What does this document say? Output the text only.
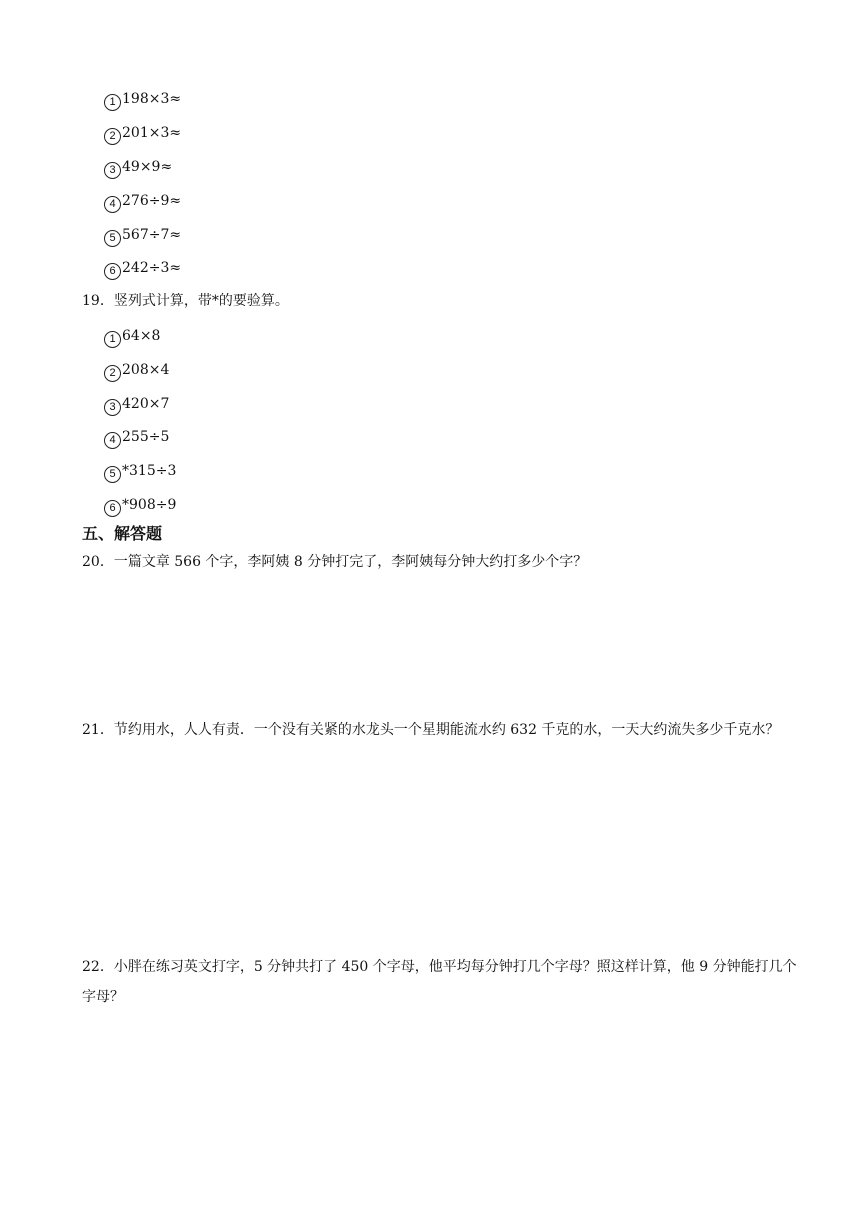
1 198×3≈
2 201×3≈
3 49×9≈
4 276÷9≈
5 567÷7≈
6 242÷3≈
19．竖列式计算，带*的要验算。
1 64×8
2 208×4
3 420×7
4 255÷5
5 *315÷3
6 *908÷9
五、解答题
20．一篇文章 566 个字，李阿姨 8 分钟打完了，李阿姨每分钟大约打多少个字？
21．节约用水，人人有责．一个没有关紧的水龙头一个星期能流水约 632 千克的水，一天大约流失多少千克水？
22．小胖在练习英文打字，5 分钟共打了 450 个字母，他平均每分钟打几个字母？照这样计算，他 9 分钟能打几个字母？
